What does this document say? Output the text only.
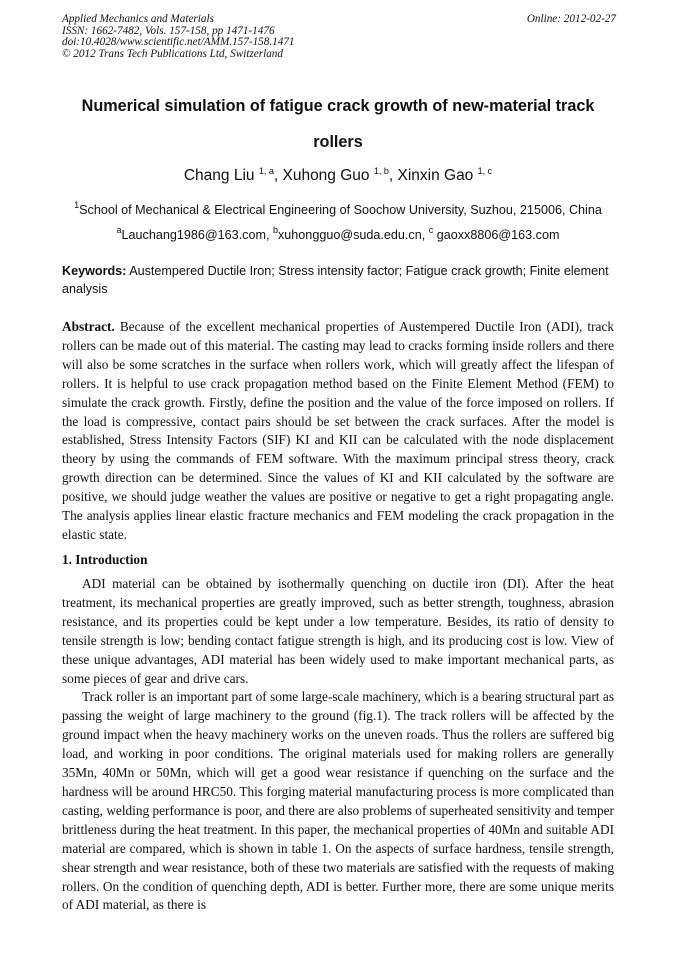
Applied Mechanics and Materials
ISSN: 1662-7482, Vols. 157-158, pp 1471-1476
doi:10.4028/www.scientific.net/AMM.157-158.1471
© 2012 Trans Tech Publications Ltd, Switzerland
Online: 2012-02-27
Numerical simulation of fatigue crack growth of new-material track
rollers
Chang Liu $^{1, a}$, Xuhong Guo $^{1, b}$, Xinxin Gao $^{1, c}$
$^1$School of Mechanical & Electrical Engineering of Soochow University, Suzhou, 215006, China
$^a$Lauchang1986@163.com, $^b$xuhongguo@suda.edu.cn, $^c$ gaoxx8806@163.com
Keywords: Austempered Ductile Iron; Stress intensity factor; Fatigue crack growth; Finite element analysis
Abstract. Because of the excellent mechanical properties of Austempered Ductile Iron (ADI), track rollers can be made out of this material. The casting may lead to cracks forming inside rollers and there will also be some scratches in the surface when rollers work, which will greatly affect the lifespan of rollers. It is helpful to use crack propagation method based on the Finite Element Method (FEM) to simulate the crack growth. Firstly, define the position and the value of the force imposed on rollers. If the load is compressive, contact pairs should be set between the crack surfaces. After the model is established, Stress Intensity Factors (SIF) KI and KII can be calculated with the node displacement theory by using the commands of FEM software. With the maximum principal stress theory, crack growth direction can be determined. Since the values of KI and KII calculated by the software are positive, we should judge weather the values are positive or negative to get a right propagating angle. The analysis applies linear elastic fracture mechanics and FEM modeling the crack propagation in the elastic state.
1. Introduction

ADI material can be obtained by isothermally quenching on ductile iron (DI). After the heat treatment, its mechanical properties are greatly improved, such as better strength, toughness, abrasion resistance, and its properties could be kept under a low temperature. Besides, its ratio of density to tensile strength is low; bending contact fatigue strength is high, and its producing cost is low. View of these unique advantages, ADI material has been widely used to make important mechanical parts, as some pieces of gear and drive cars.

Track roller is an important part of some large-scale machinery, which is a bearing structural part as passing the weight of large machinery to the ground (fig.1). The track rollers will be affected by the ground impact when the heavy machinery works on the uneven roads. Thus the rollers are suffered big load, and working in poor conditions. The original materials used for making rollers are generally 35Mn, 40Mn or 50Mn, which will get a good wear resistance if quenching on the surface and the hardness will be around HRC50. This forging material manufacturing process is more complicated than casting, welding performance is poor, and there are also problems of superheated sensitivity and temper brittleness during the heat treatment. In this paper, the mechanical properties of 40Mn and suitable ADI material are compared, which is shown in table 1. On the aspects of surface hardness, tensile strength, shear strength and wear resistance, both of these two materials are satisfied with the requests of making rollers. On the condition of quenching depth, ADI is better. Further more, there are some unique merits of ADI material, as there is
